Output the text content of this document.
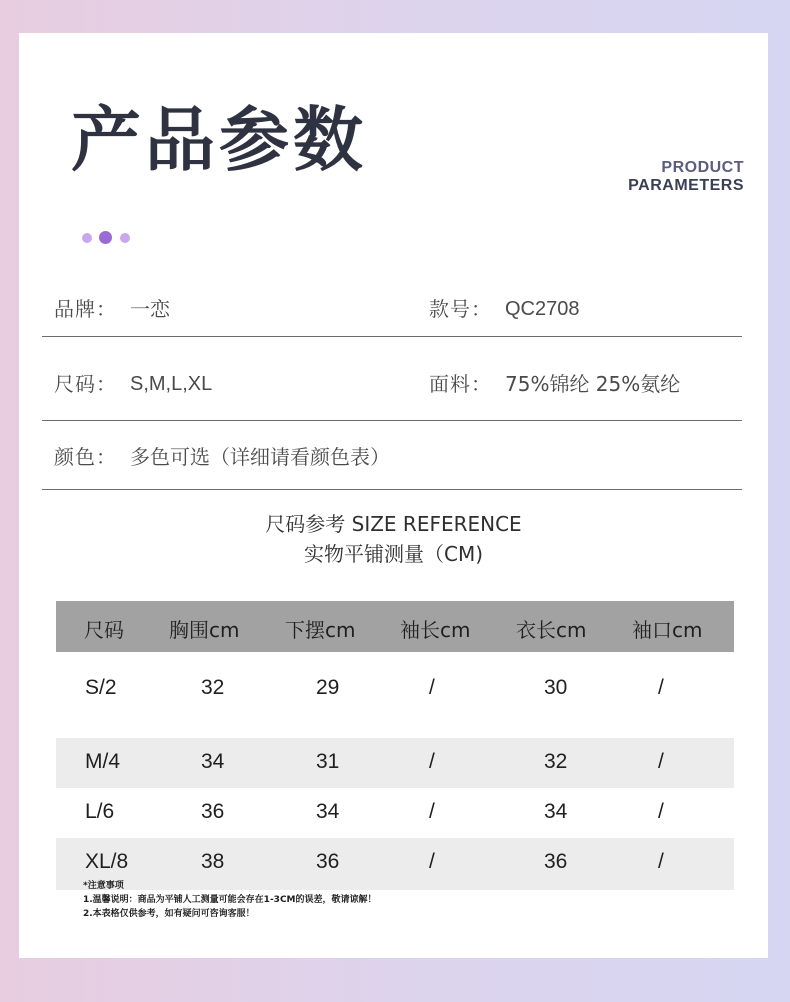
产品参数	PRODUCT
PARAMETERS
品牌： 一恋	款号： QC2708
尺码： S,M,L,XL	面料： 75%锦纶 25%氨纶
颜色： 多色可选（详细请看颜色表）
尺码参考 SIZE REFERENCE
实物平铺测量（CM)
尺码 胸围cm 下摆cm 袖长cm 衣长cm 袖口cm
S/2	32	29	/	30	/
M/4	34	31	/	32	/
L/6	36	34	/	34	/
XL/8	38	36	/	36	/
*注意事项
1.温馨说明：商品为平铺人工测量可能会存在1-3CM的误差，敬请谅解！
2.本表格仅供参考，如有疑问可咨询客服！
